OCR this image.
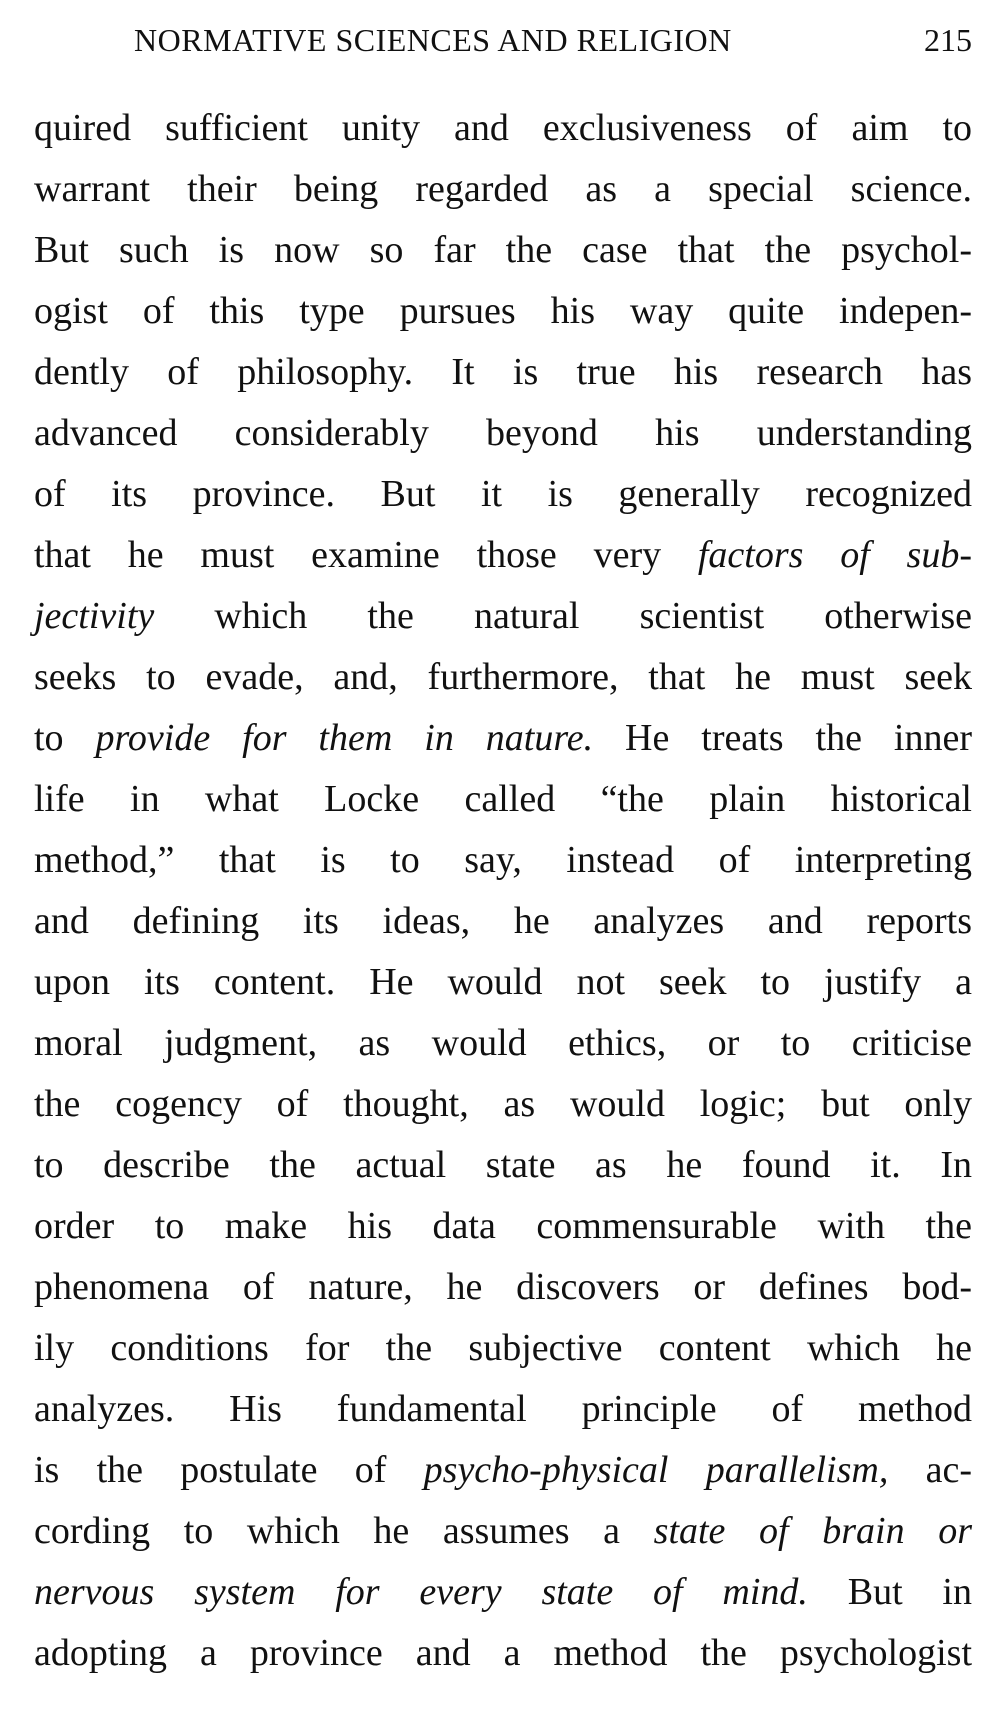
NORMATIVE SCIENCES AND RELIGION	215
quired sufficient unity and exclusiveness of aim to
warrant their being regarded as a special science.
But such is now so far the case that the psychol-
ogist of this type pursues his way quite indepen-
dently of philosophy. It is true his research has
advanced considerably beyond his understanding
of its province. But it is generally recognized
that he must examine those very factors of sub-
jectivity which the natural scientist otherwise
seeks to evade, and, furthermore, that he must seek
to provide for them in nature. He treats the inner
life in what Locke called “the plain historical
method,” that is to say, instead of interpreting
and defining its ideas, he analyzes and reports
upon its content. He would not seek to justify a
moral judgment, as would ethics, or to criticise
the cogency of thought, as would logic; but only
to describe the actual state as he found it. In
order to make his data commensurable with the
phenomena of nature, he discovers or defines bod-
ily conditions for the subjective content which he
analyzes. His fundamental principle of method
is the postulate of psycho-physical parallelism, ac-
cording to which he assumes a state of brain or
nervous system for every state of mind. But in
adopting a province and a method the psychologist
